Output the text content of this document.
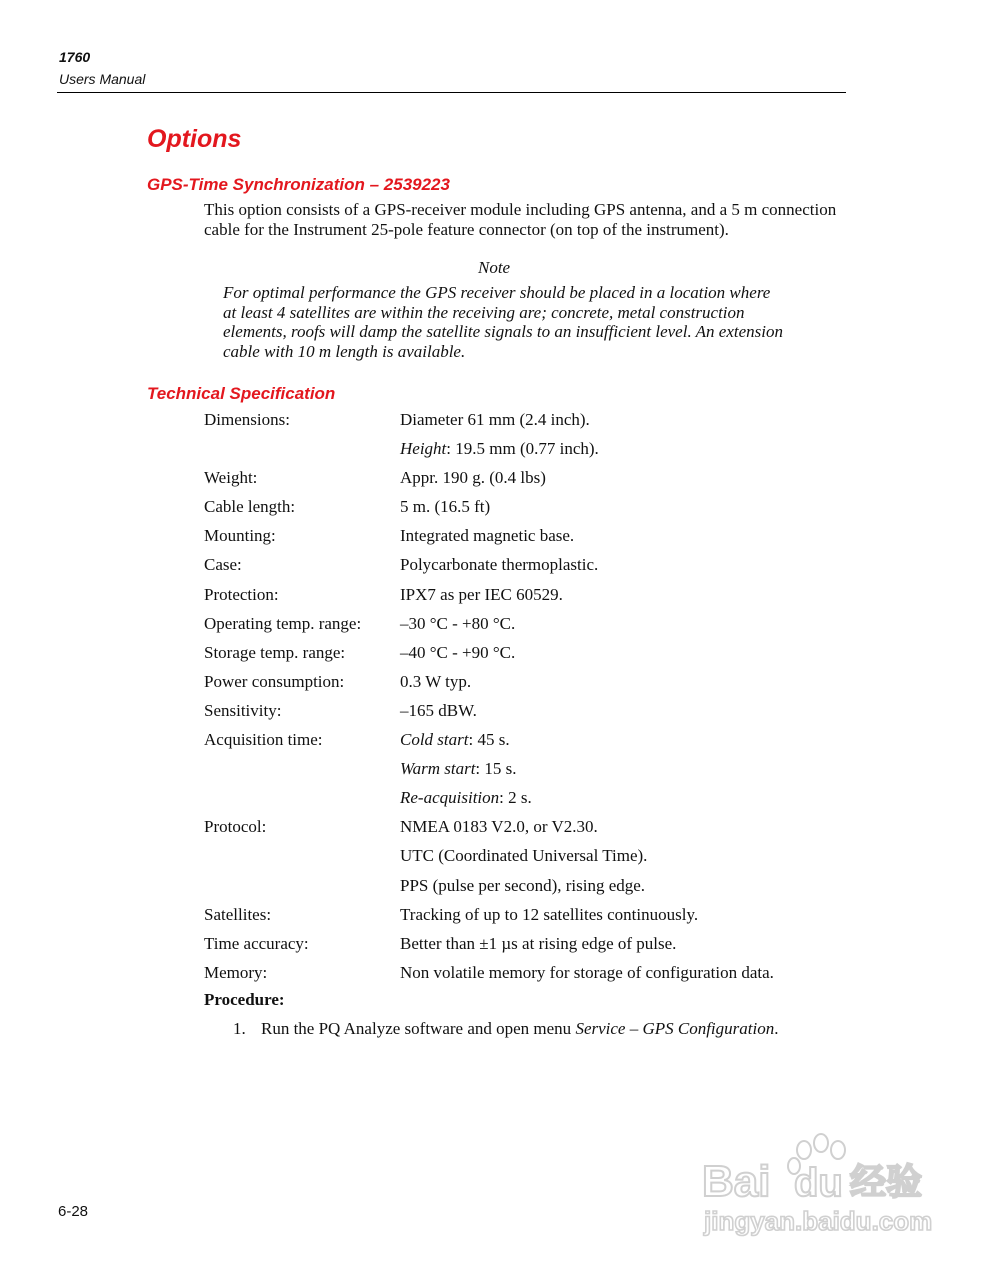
1760
Users Manual
Options
GPS-Time Synchronization – 2539223
This option consists of a GPS-receiver module including GPS antenna, and a 5 m connection cable for the Instrument 25-pole feature connector (on top of the instrument).
Note
For optimal performance the GPS receiver should be placed in a location where at least 4 satellites are within the receiving are; concrete, metal construction elements, roofs will damp the satellite signals to an insufficient level. An extension cable with 10 m length is available.
Technical Specification
Dimensions:	Diameter 61 mm (2.4 inch).
Height: 19.5 mm (0.77 inch).
Weight:	Appr. 190 g. (0.4 lbs)
Cable length:	5 m. (16.5 ft)
Mounting:	Integrated magnetic base.
Case:	Polycarbonate thermoplastic.
Protection:	IPX7 as per IEC 60529.
Operating temp. range: –30 °C - +80 °C.
Storage temp. range:	–40 °C - +90 °C.
Power consumption:	0.3 W typ.
Sensitivity:	–165 dBW.
Acquisition time:	Cold start: 45 s.
Warm start: 15 s.
Re-acquisition: 2 s.
Protocol:	NMEA 0183 V2.0, or V2.30.
UTC (Coordinated Universal Time).
PPS (pulse per second), rising edge.
Satellites:	Tracking of up to 12 satellites continuously.
Time accuracy:	Better than ±1 µs at rising edge of pulse.
Memory:	Non volatile memory for storage of configuration data.
Procedure:
1. Run the PQ Analyze software and open menu Service – GPS Configuration.
6-28
Bai du 经验
jingyan.baidu.com
